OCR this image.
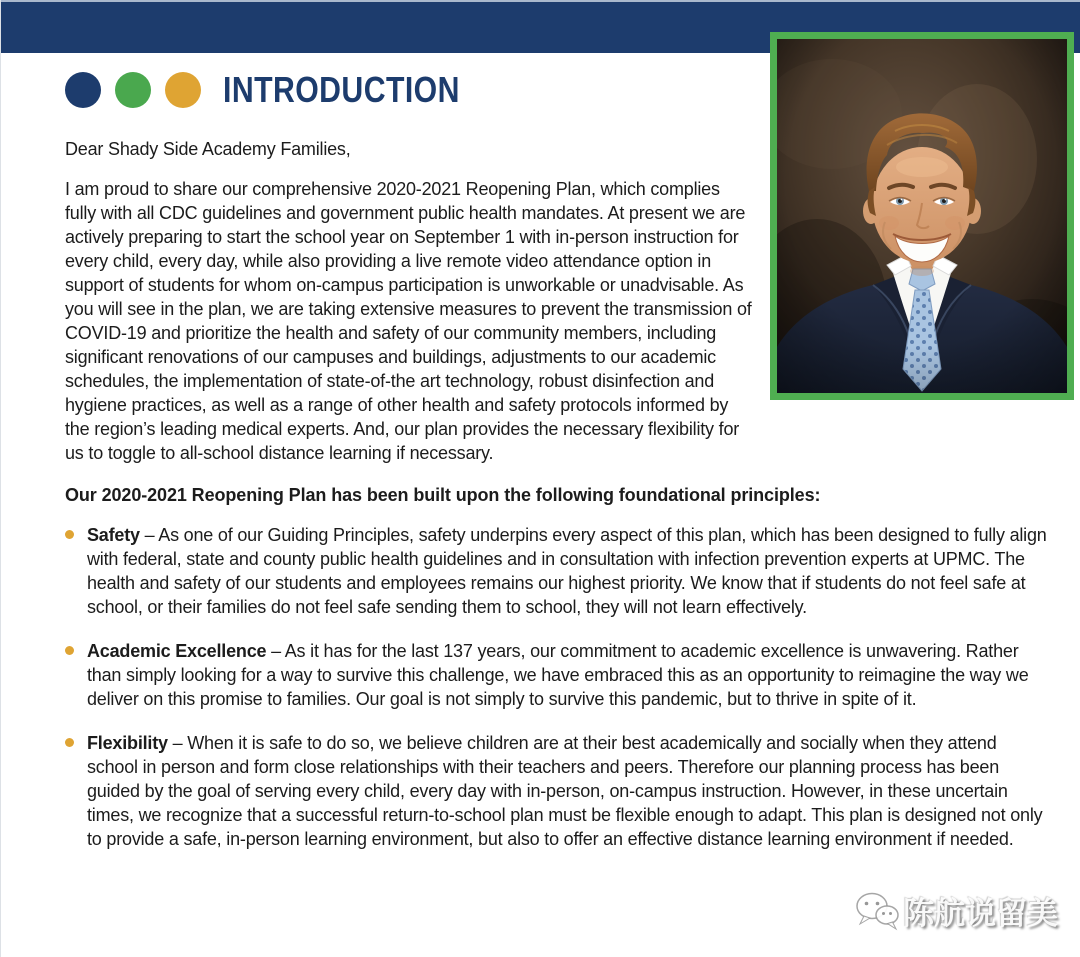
INTRODUCTION

Dear Shady Side Academy Families,

I am proud to share our comprehensive 2020-2021 Reopening Plan, which complies fully with all CDC guidelines and government public health mandates. At present we are actively preparing to start the school year on September 1 with in-person instruction for every child, every day, while also providing a live remote video attendance option in support of students for whom on-campus participation is unworkable or unadvisable. As you will see in the plan, we are taking extensive measures to prevent the transmission of COVID-19 and prioritize the health and safety of our community members, including significant renovations of our campuses and buildings, adjustments to our academic schedules, the implementation of state-of-the art technology, robust disinfection and hygiene practices, as well as a range of other health and safety protocols informed by the region’s leading medical experts. And, our plan provides the necessary flexibility for us to toggle to all-school distance learning if necessary.

Our 2020-2021 Reopening Plan has been built upon the following foundational principles:

Safety – As one of our Guiding Principles, safety underpins every aspect of this plan, which has been designed to fully align with federal, state and county public health guidelines and in consultation with infection prevention experts at UPMC. The health and safety of our students and employees remains our highest priority. We know that if students do not feel safe at school, or their families do not feel safe sending them to school, they will not learn effectively.
Academic Excellence – As it has for the last 137 years, our commitment to academic excellence is unwavering. Rather than simply looking for a way to survive this challenge, we have embraced this as an opportunity to reimagine the way we deliver on this promise to families. Our goal is not simply to survive this pandemic, but to thrive in spite of it.
Flexibility – When it is safe to do so, we believe children are at their best academically and socially when they attend school in person and form close relationships with their teachers and peers. Therefore our planning process has been guided by the goal of serving every child, every day with in-person, on-campus instruction. However, in these uncertain times, we recognize that a successful return-to-school plan must be flexible enough to adapt. This plan is designed not only to provide a safe, in-person learning environment, but also to offer an effective distance learning environment if needed.
陈航说留美
